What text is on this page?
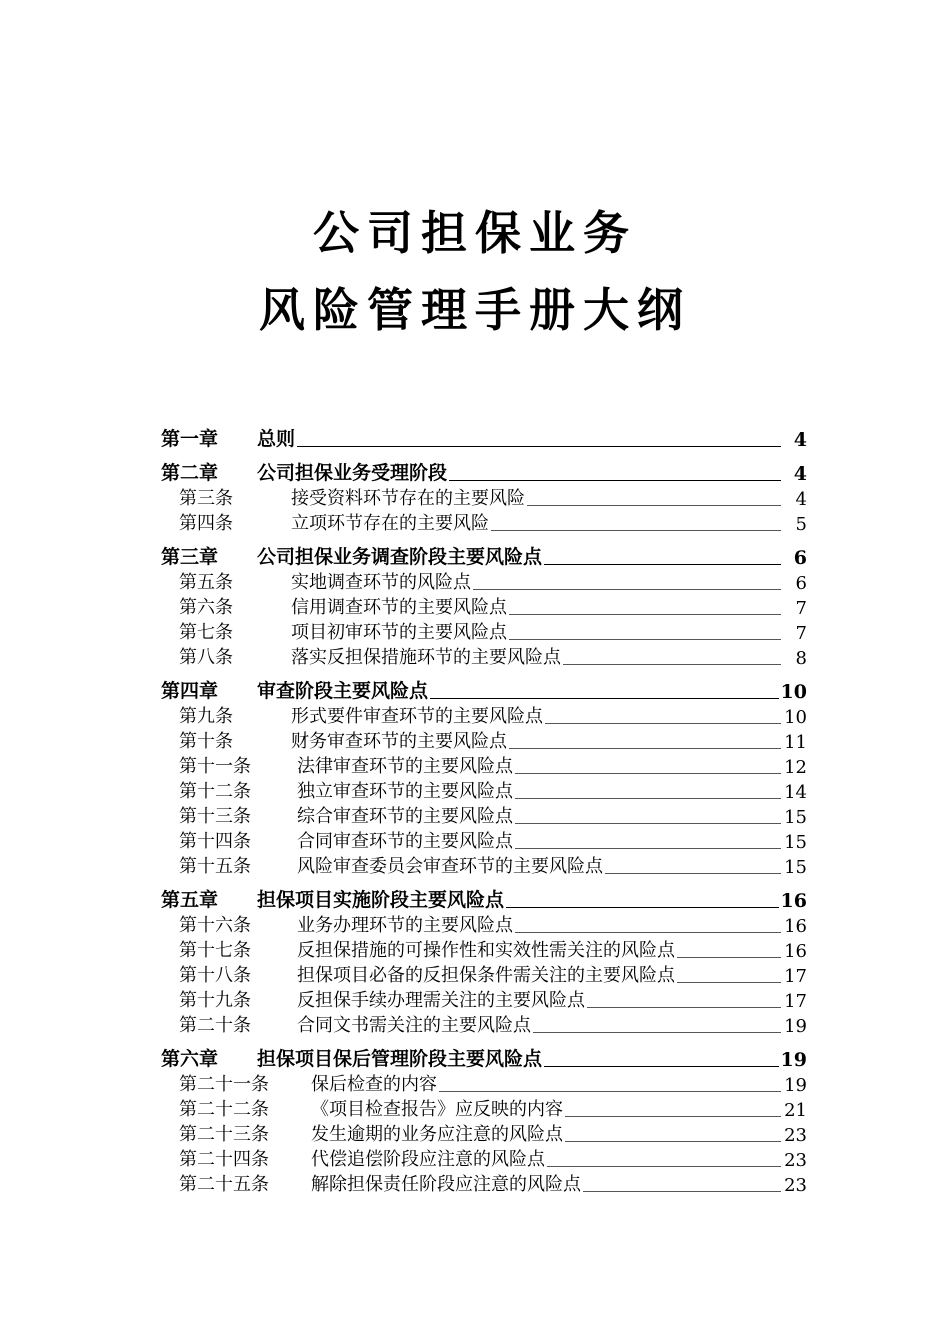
公司担保业务
风险管理手册大纲
第一章	总则	4
第二章	公司担保业务受理阶段	4
第三条	接受资料环节存在的主要风险	4
第四条	立项环节存在的主要风险	5
第三章	公司担保业务调查阶段主要风险点	6
第五条	实地调查环节的风险点	6
第六条	信用调查环节的主要风险点	7
第七条	项目初审环节的主要风险点	7
第八条	落实反担保措施环节的主要风险点	8
第四章	审查阶段主要风险点	10
第九条	形式要件审查环节的主要风险点	10
第十条	财务审查环节的主要风险点	11
第十一条	法律审查环节的主要风险点	12
第十二条	独立审查环节的主要风险点	14
第十三条	综合审查环节的主要风险点	15
第十四条	合同审查环节的主要风险点	15
第十五条	风险审查委员会审查环节的主要风险点	15
第五章	担保项目实施阶段主要风险点	16
第十六条	业务办理环节的主要风险点	16
第十七条	反担保措施的可操作性和实效性需关注的风险点	16
第十八条	担保项目必备的反担保条件需关注的主要风险点	17
第十九条	反担保手续办理需关注的主要风险点	17
第二十条	合同文书需关注的主要风险点	19
第六章	担保项目保后管理阶段主要风险点	19
第二十一条	保后检查的内容	19
第二十二条	《项目检查报告》应反映的内容	21
第二十三条	发生逾期的业务应注意的风险点	23
第二十四条	代偿追偿阶段应注意的风险点	23
第二十五条	解除担保责任阶段应注意的风险点	23
